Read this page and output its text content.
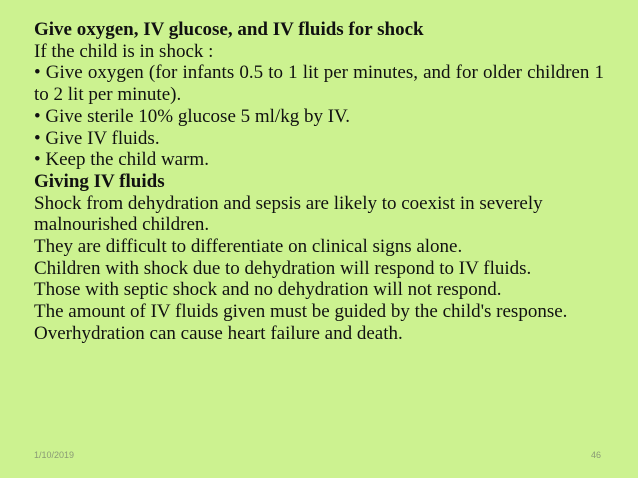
Give oxygen, IV glucose, and IV fluids for shock

If the child is in shock :

• Give oxygen (for infants 0.5 to 1 lit per minutes, and for older children 1 to 2 lit per minute).

• Give sterile 10% glucose 5 ml/kg by IV.

• Give IV fluids.

• Keep the child warm.

Giving IV fluids

Shock from dehydration and sepsis are likely to coexist in severely malnourished children.

They are difficult to differentiate on clinical signs alone.

Children with shock due to dehydration will respond to IV fluids.

Those with septic shock and no dehydration will not respond.

The amount of IV fluids given must be guided by the child's response.

Overhydration can cause heart failure and death.

1/10/2019	46
